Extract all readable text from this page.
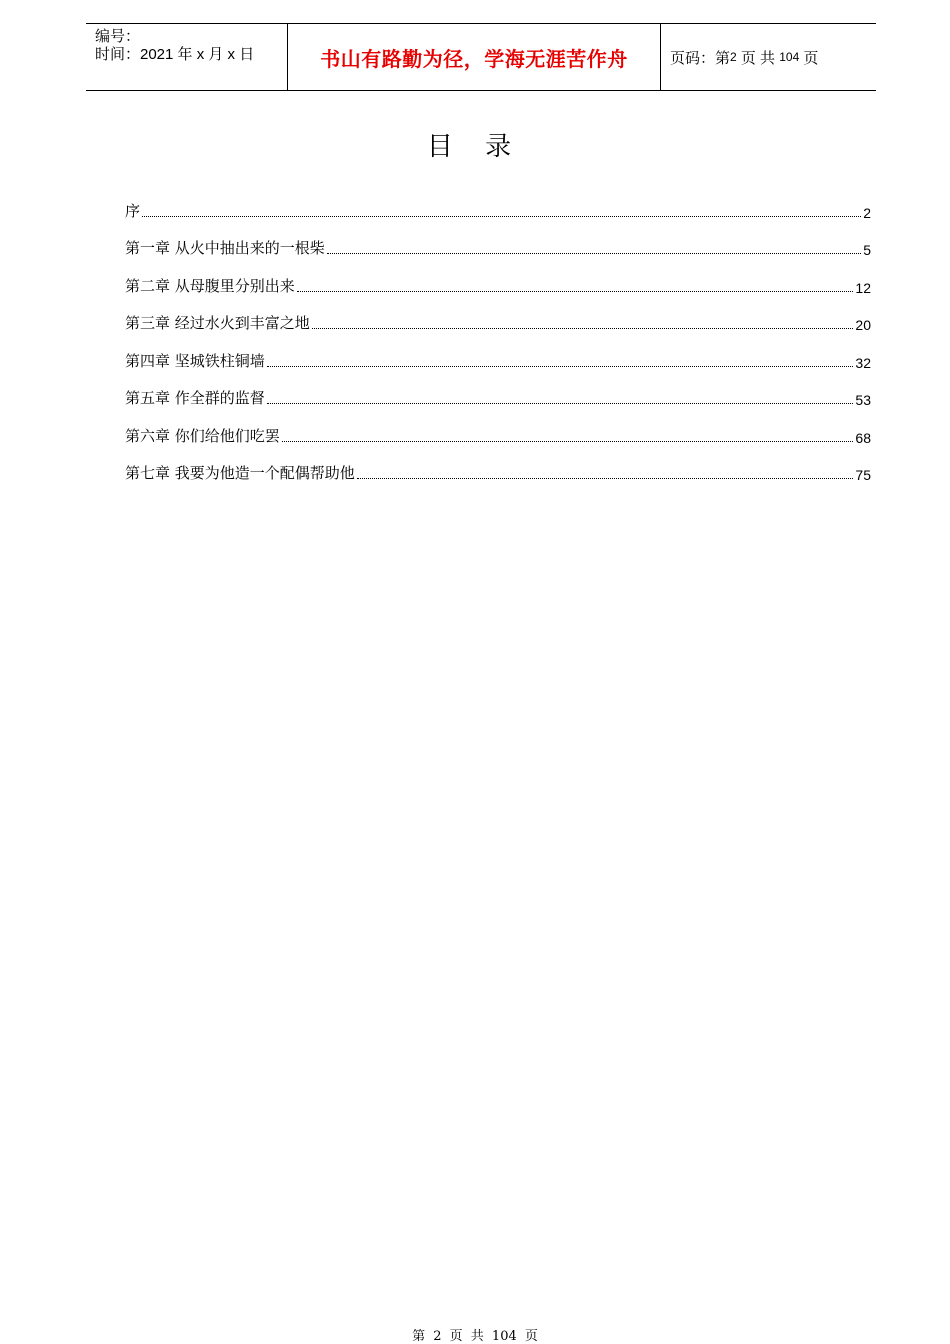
编号：
时间：2021 年 x 月 x 日	书山有路勤为径，学海无涯苦作舟	页码：第 2
页 共
104
页
目 录
序	2
第一章 从火中抽出来的一根柴	5
第二章 从母腹里分别出来	12
第三章 经过水火到丰富之地	20
第四章 坚城铁柱铜墙	32
第五章 作全群的监督	53
第六章 你们给他们吃罢	68
第七章 我要为他造一个配偶帮助他	75
第 2 页 共 104 页
